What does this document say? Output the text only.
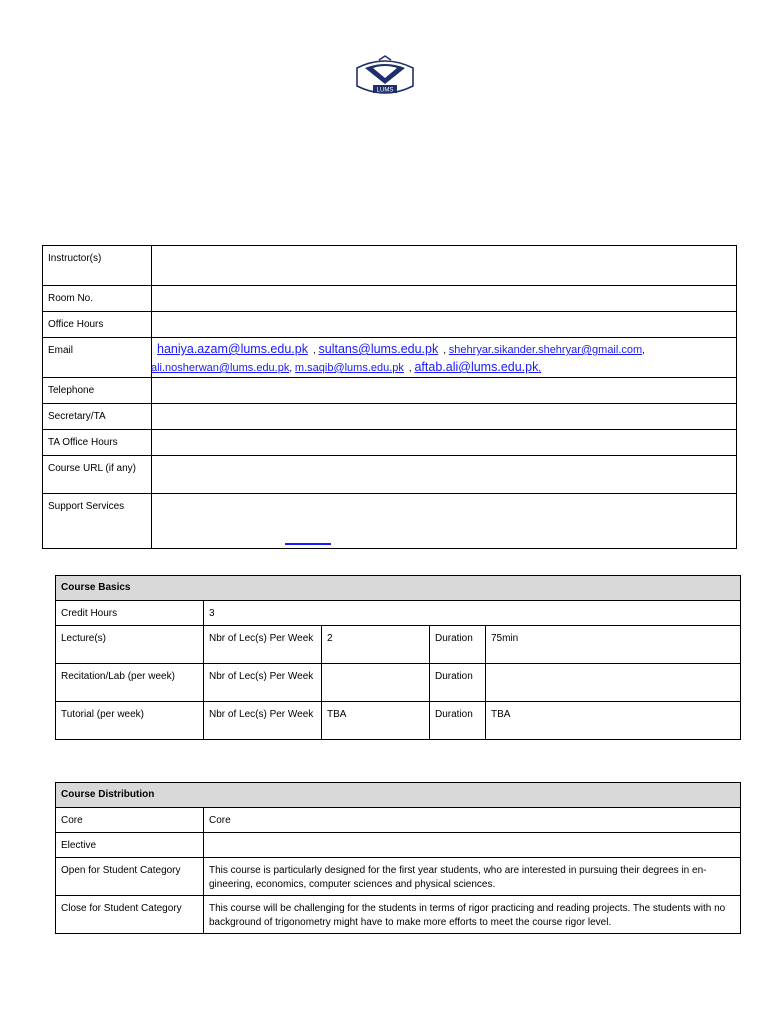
LUMS
Instructor(s)	
Room No.	
Office Hours	
Email	haniya.azam@lums.edu.pk , sultans@lums.edu.pk , shehryar.sikander.shehryar@gmail.com,
ali.nosherwan@lums.edu.pk, m.saqib@lums.edu.pk , aftab.ali@lums.edu.pk,
Telephone	
Secretary/TA	
TA Office Hours	
Course URL (if any)	
Support Services	
Course Basics				
Credit Hours	3			
Lecture(s)	Nbr of Lec(s) Per Week	2	Duration	75min
Recitation/Lab (per week)	Nbr of Lec(s) Per Week		Duration	
Tutorial (per week)	Nbr of Lec(s) Per Week	TBA	Duration	TBA
Course Distribution	
Core	Core
Elective	
Open for Student Category	This course is particularly designed for the first year students, who are interested in pursuing their degrees in en-gineering, economics, computer sciences and physical sciences.
Close for Student Category	This course will be challenging for the students in terms of rigor practicing and reading projects. The students with no background of trigonometry might have to make more efforts to meet the course rigor level.
